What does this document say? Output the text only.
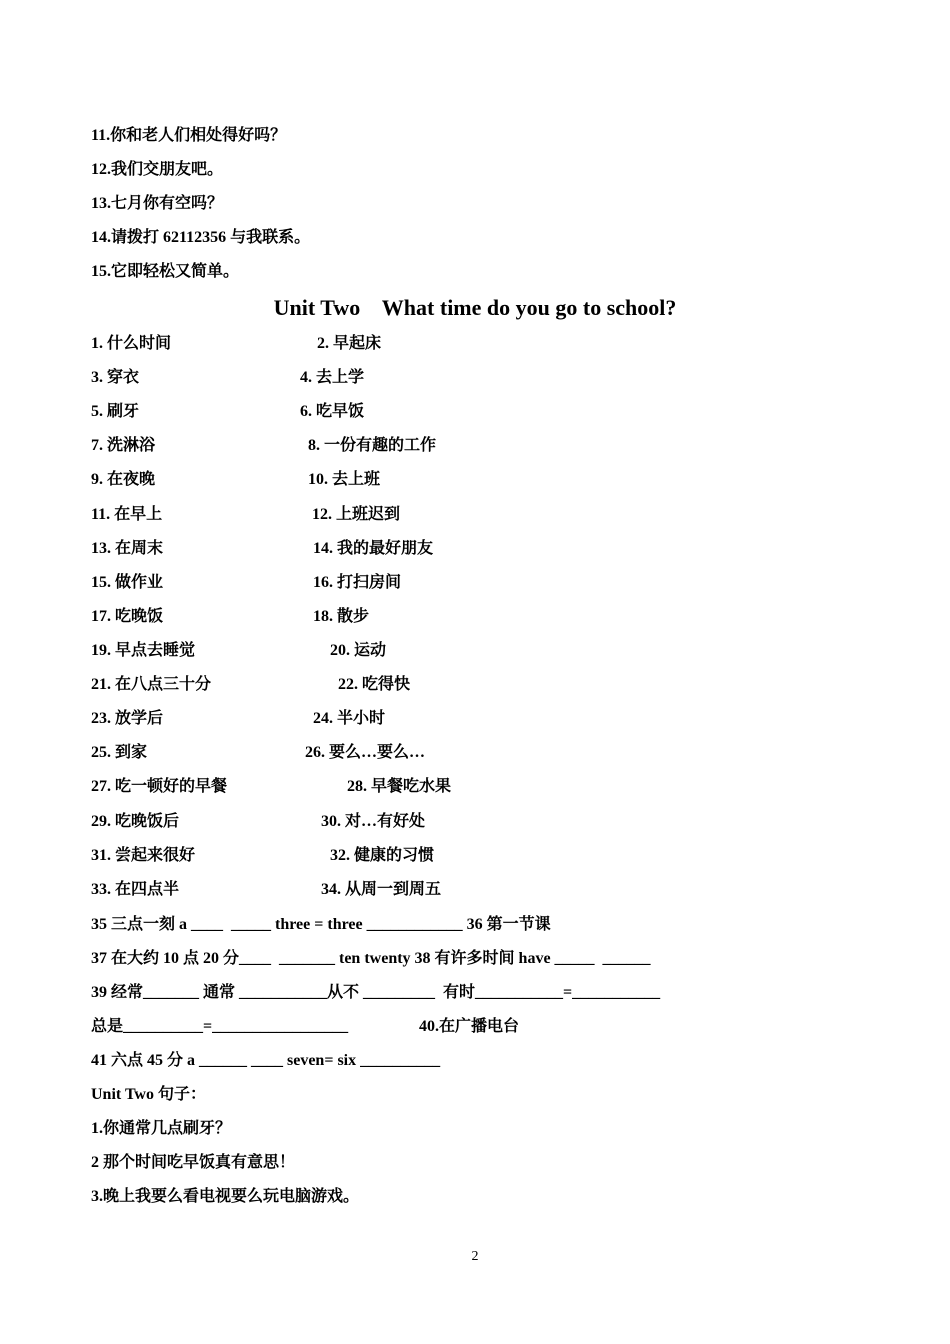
11.你和老人们相处得好吗？
12.我们交朋友吧。
13.七月你有空吗？
14.请拨打 62112356 与我联系。
15.它即轻松又简单。
Unit Two    What time do you go to school?
1. 什么时间	2. 早起床
3. 穿衣	4. 去上学
5. 刷牙	6. 吃早饭
7. 洗淋浴	8. 一份有趣的工作
9. 在夜晚	10. 去上班
11. 在早上	12. 上班迟到
13. 在周末	14. 我的最好朋友
15. 做作业	16. 打扫房间
17. 吃晚饭	18. 散步
19. 早点去睡觉	20. 运动
21. 在八点三十分	22. 吃得快
23. 放学后	24. 半小时
25. 到家	26. 要么…要么…
27. 吃一顿好的早餐	28. 早餐吃水果
29. 吃晚饭后	30. 对…有好处
31. 尝起来很好	32. 健康的习惯
33. 在四点半	34. 从周一到周五
35 三点一刻 a ____  _____ three = three ____________ 36 第一节课
37 在大约 10 点 20 分____  _______ ten twenty 38 有许多时间 have _____  ______
39 经常_______ 通常 ___________从不 _________  有时___________=___________
总是__________=_________________	40.在广播电台
41 六点 45 分 a ______ ____ seven= six __________
Unit Two 句子：
1.你通常几点刷牙？
2 那个时间吃早饭真有意思！
3.晚上我要么看电视要么玩电脑游戏。
2
